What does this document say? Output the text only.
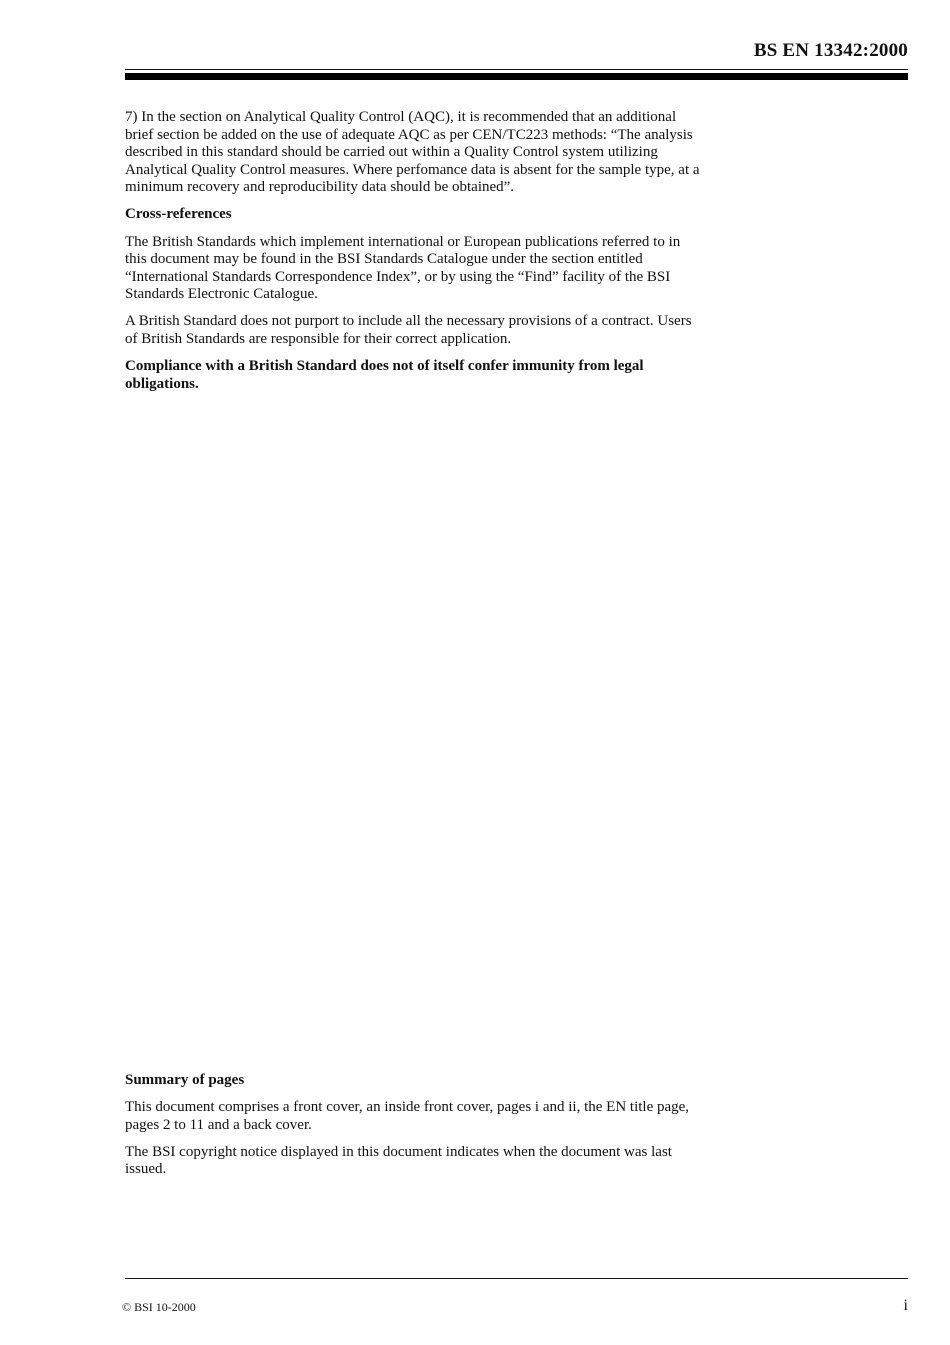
BS EN 13342:2000

7) In the section on Analytical Quality Control (AQC), it is recommended that an additional brief section be added on the use of adequate AQC as per CEN/TC223 methods: “The analysis described in this standard should be carried out within a Quality Control system utilizing Analytical Quality Control measures. Where perfomance data is absent for the sample type, at a minimum recovery and reproducibility data should be obtained”.

Cross-references

The British Standards which implement international or European publications referred to in this document may be found in the BSI Standards Catalogue under the section entitled “International Standards Correspondence Index”, or by using the “Find” facility of the BSI Standards Electronic Catalogue.

A British Standard does not purport to include all the necessary provisions of a contract. Users of British Standards are responsible for their correct application.

Compliance with a British Standard does not of itself confer immunity from legal obligations.

Summary of pages

This document comprises a front cover, an inside front cover, pages i and ii, the EN title page, pages 2 to 11 and a back cover.

The BSI copyright notice displayed in this document indicates when the document was last issued.

© BSI 10-2000	i
